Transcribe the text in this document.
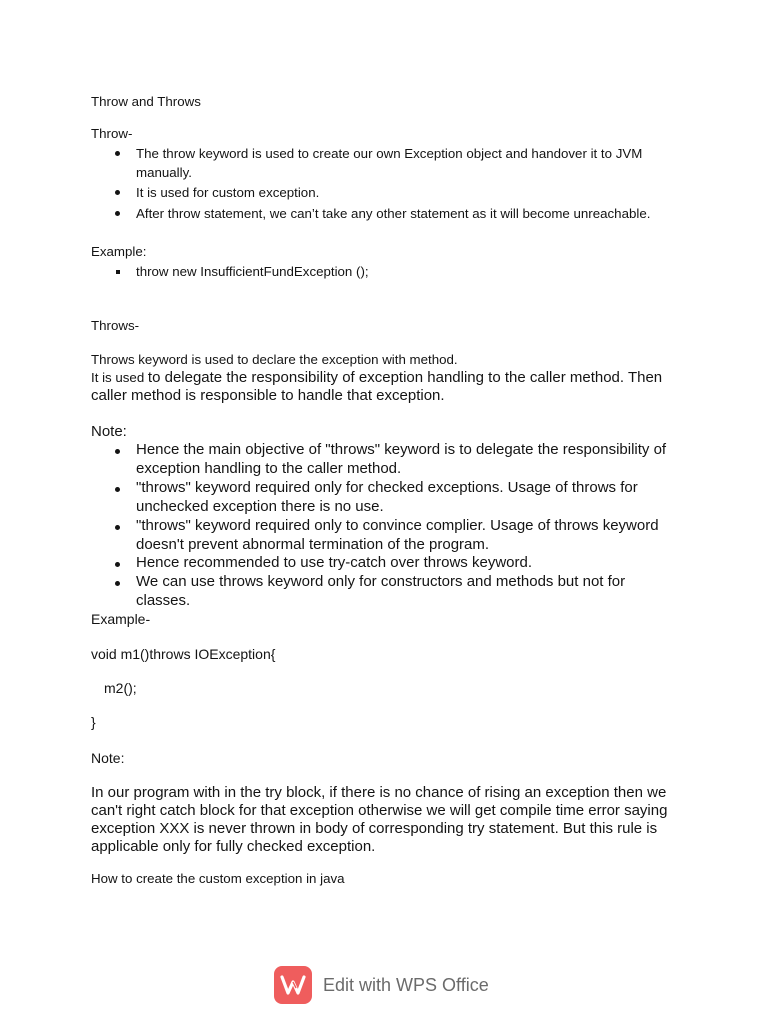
Throw and Throws
Throw-
The throw keyword is used to create our own Exception object and handover it to JVM
manually.
It is used for custom exception.
After throw statement, we can’t take any other statement as it will become unreachable.
Example:
throw new InsufficientFundException ();
Throws-
Throws keyword is used to declare the exception with method.
It is used to delegate the responsibility of exception handling to the caller method. Then
caller method is responsible to handle that exception.
Note:
Hence the main objective of "throws" keyword is to delegate the responsibility of
exception handling to the caller method.
"throws" keyword required only for checked exceptions. Usage of throws for
unchecked exception there is no use.
"throws" keyword required only to convince complier. Usage of throws keyword
doesn't prevent abnormal termination of the program.
Hence recommended to use try-catch over throws keyword.
We can use throws keyword only for constructors and methods but not for
classes.
Example-
void m1()throws IOException{
m2();
}
Note:
In our program with in the try block, if there is no chance of rising an exception then we
can't right catch block for that exception otherwise we will get compile time error saying
exception XXX is never thrown in body of corresponding try statement. But this rule is
applicable only for fully checked exception.
How to create the custom exception in java
Edit with WPS Office
